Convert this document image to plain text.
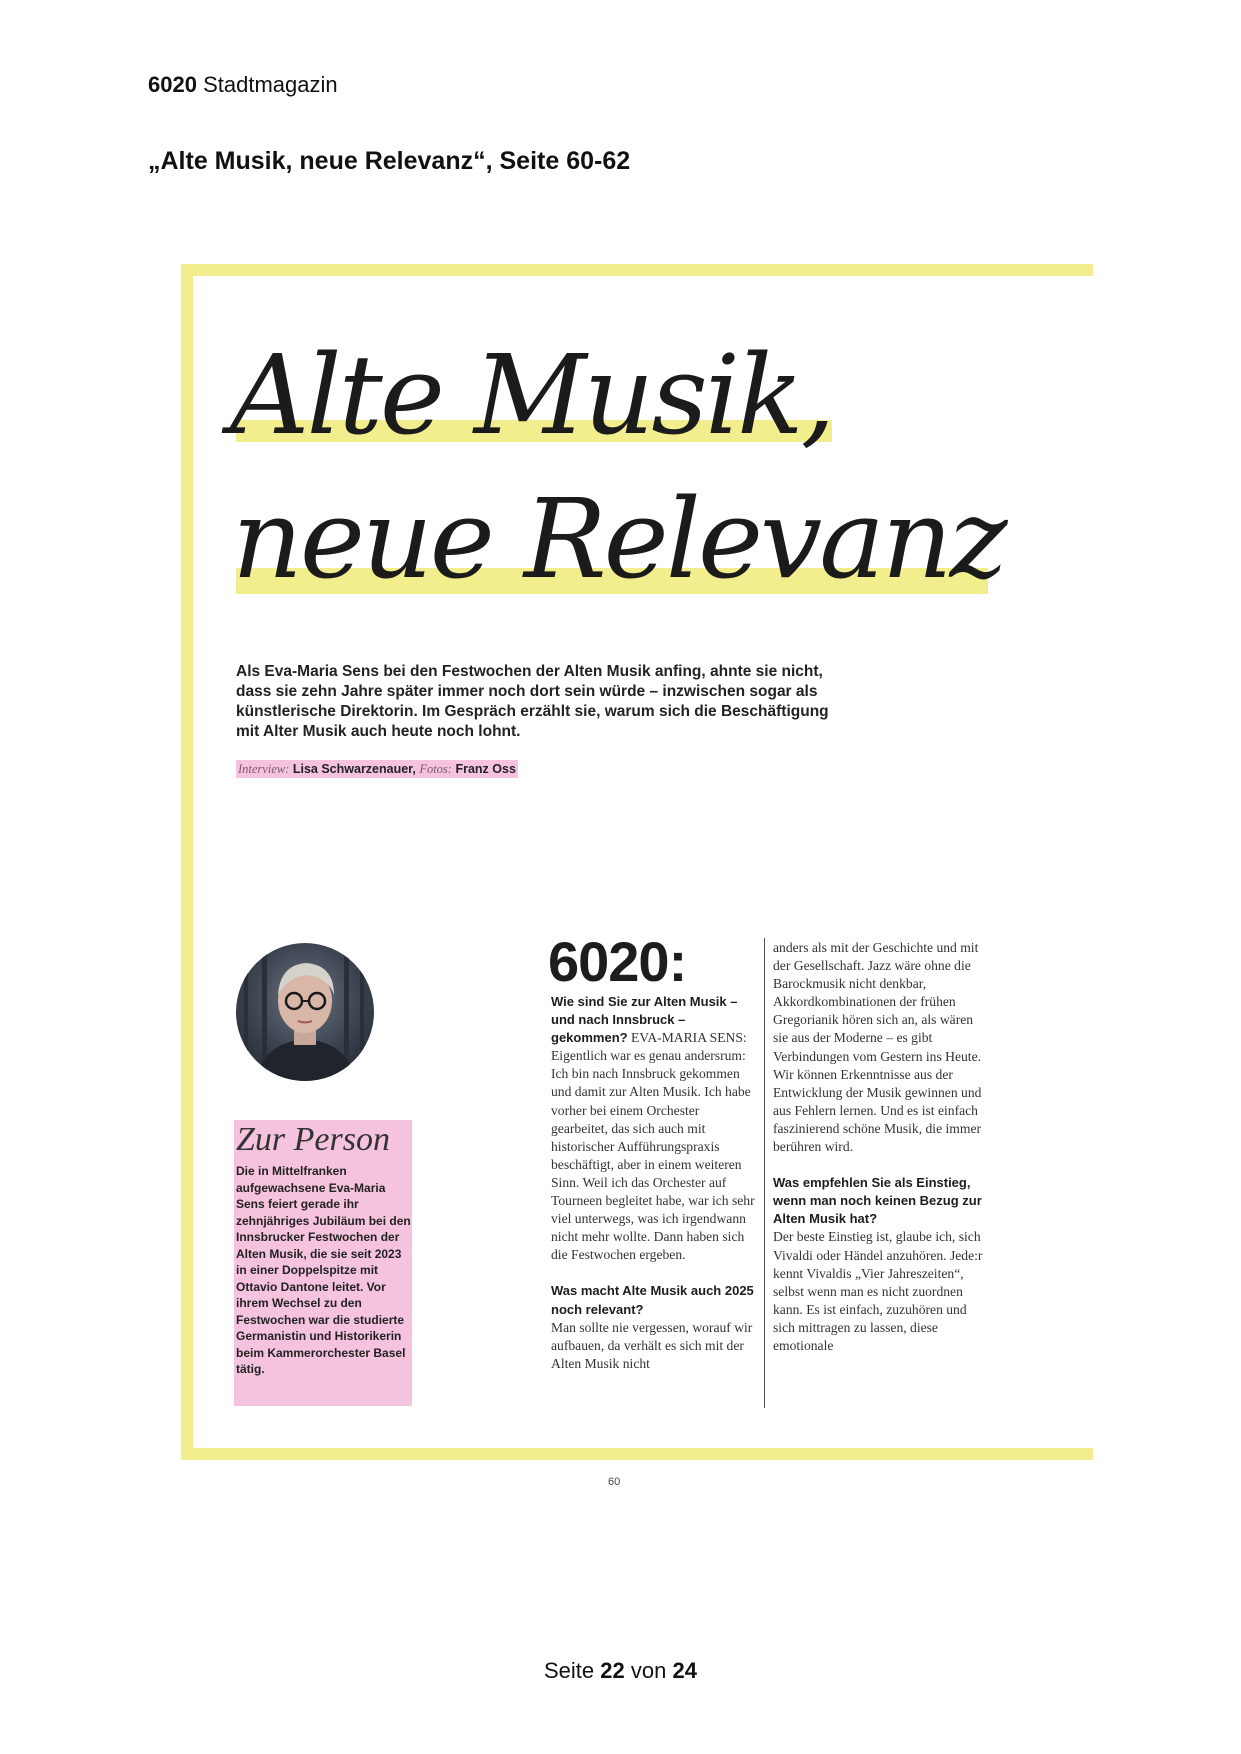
6020 Stadtmagazin
„Alte Musik, neue Relevanz“, Seite 60-62
Alte Musik,
neue Relevanz
Als Eva-Maria Sens bei den Festwochen der Alten Musik anfing, ahnte sie nicht, dass sie zehn Jahre später immer noch dort sein würde – inzwischen sogar als künstlerische Direktorin. Im Gespräch erzählt sie, warum sich die Beschäftigung mit Alter Musik auch heute noch lohnt.
Interview: Lisa Schwarzenauer, Fotos: Franz Oss
Zur Person
Die in Mittelfranken aufgewachsene Eva-Maria Sens feiert gerade ihr zehnjähriges Jubiläum bei den Innsbrucker Festwochen der Alten Musik, die sie seit 2023 in einer Doppelspitze mit Ottavio Dantone leitet. Vor ihrem Wechsel zu den Festwochen war die studierte Germanistin und Historikerin beim Kammerorchester Basel tätig.
6020:
Wie sind Sie zur Alten Musik – und nach Innsbruck – gekommen? EVA-MARIA SENS: Eigentlich war es genau andersrum: Ich bin nach Innsbruck gekommen und damit zur Alten Musik. Ich habe vorher bei einem Orchester gearbeitet, das sich auch mit historischer Aufführungspraxis beschäftigt, aber in einem weiteren Sinn. Weil ich das Orchester auf Tourneen begleitet habe, war ich sehr viel unterwegs, was ich irgendwann nicht mehr wollte. Dann haben sich die Festwochen ergeben.
Was macht Alte Musik auch 2025 noch relevant?
Man sollte nie vergessen, worauf wir aufbauen, da verhält es sich mit der Alten Musik nicht
anders als mit der Geschichte und mit der Gesellschaft. Jazz wäre ohne die Barockmusik nicht denkbar, Akkordkombinationen der frühen Gregorianik hören sich an, als wären sie aus der Moderne – es gibt Verbindungen vom Gestern ins Heute. Wir können Erkenntnisse aus der Entwicklung der Musik gewinnen und aus Fehlern lernen. Und es ist einfach faszinierend schöne Musik, die immer berühren wird.
Was empfehlen Sie als Einstieg, wenn man noch keinen Bezug zur Alten Musik hat?
Der beste Einstieg ist, glaube ich, sich Vivaldi oder Händel anzuhören. Jede:r kennt Vivaldis „Vier Jahreszeiten“, selbst wenn man es nicht zuordnen kann. Es ist einfach, zuzuhören und sich mittragen zu lassen, diese emotionale
60
Seite 22 von 24
